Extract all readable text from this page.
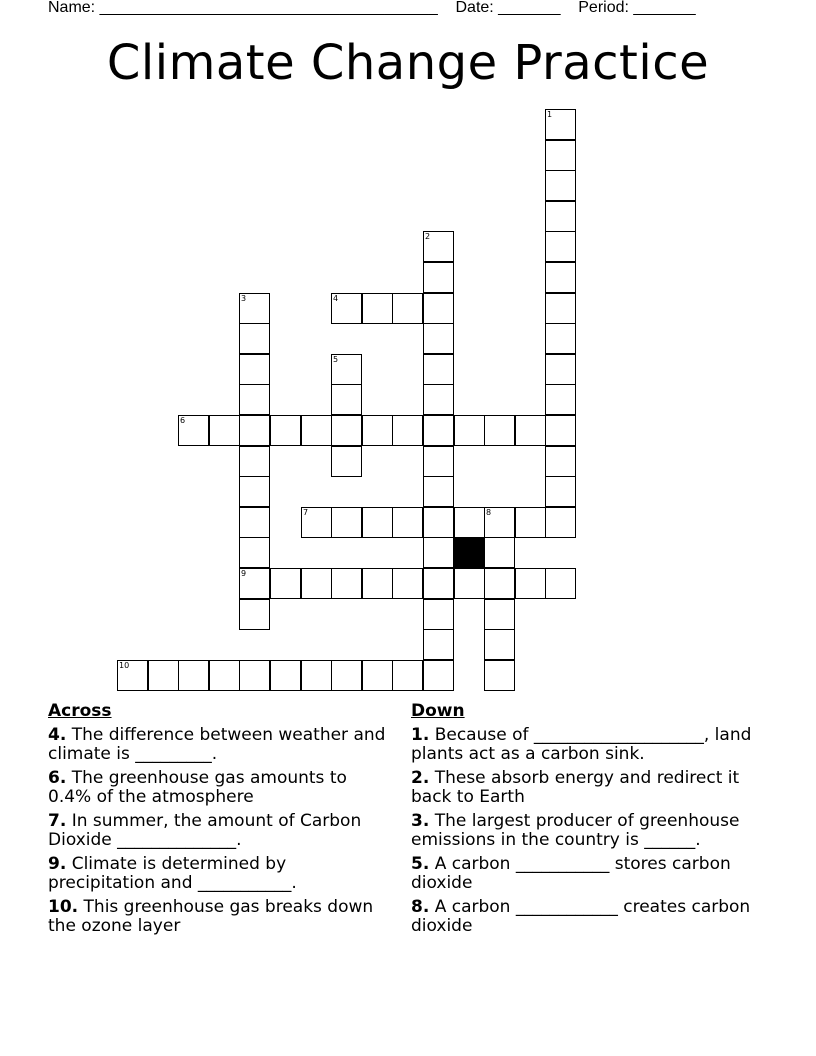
Name: ______________________________________    Date: _______    Period: _______
Climate Change Practice
1
2
3	4
5
6
7	8
9
10
Across
4. The difference between weather and climate is _________.
6. The greenhouse gas amounts to 0.4% of the atmosphere
7. In summer, the amount of Carbon Dioxide ______________.
9. Climate is determined by precipitation and ___________.
10. This greenhouse gas breaks down the ozone layer
Down
1. Because of ____________________, land plants act as a carbon sink.
2. These absorb energy and redirect it back to Earth
3. The largest producer of greenhouse emissions in the country is ______.
5. A carbon ___________ stores carbon dioxide
8. A carbon ____________ creates carbon dioxide
